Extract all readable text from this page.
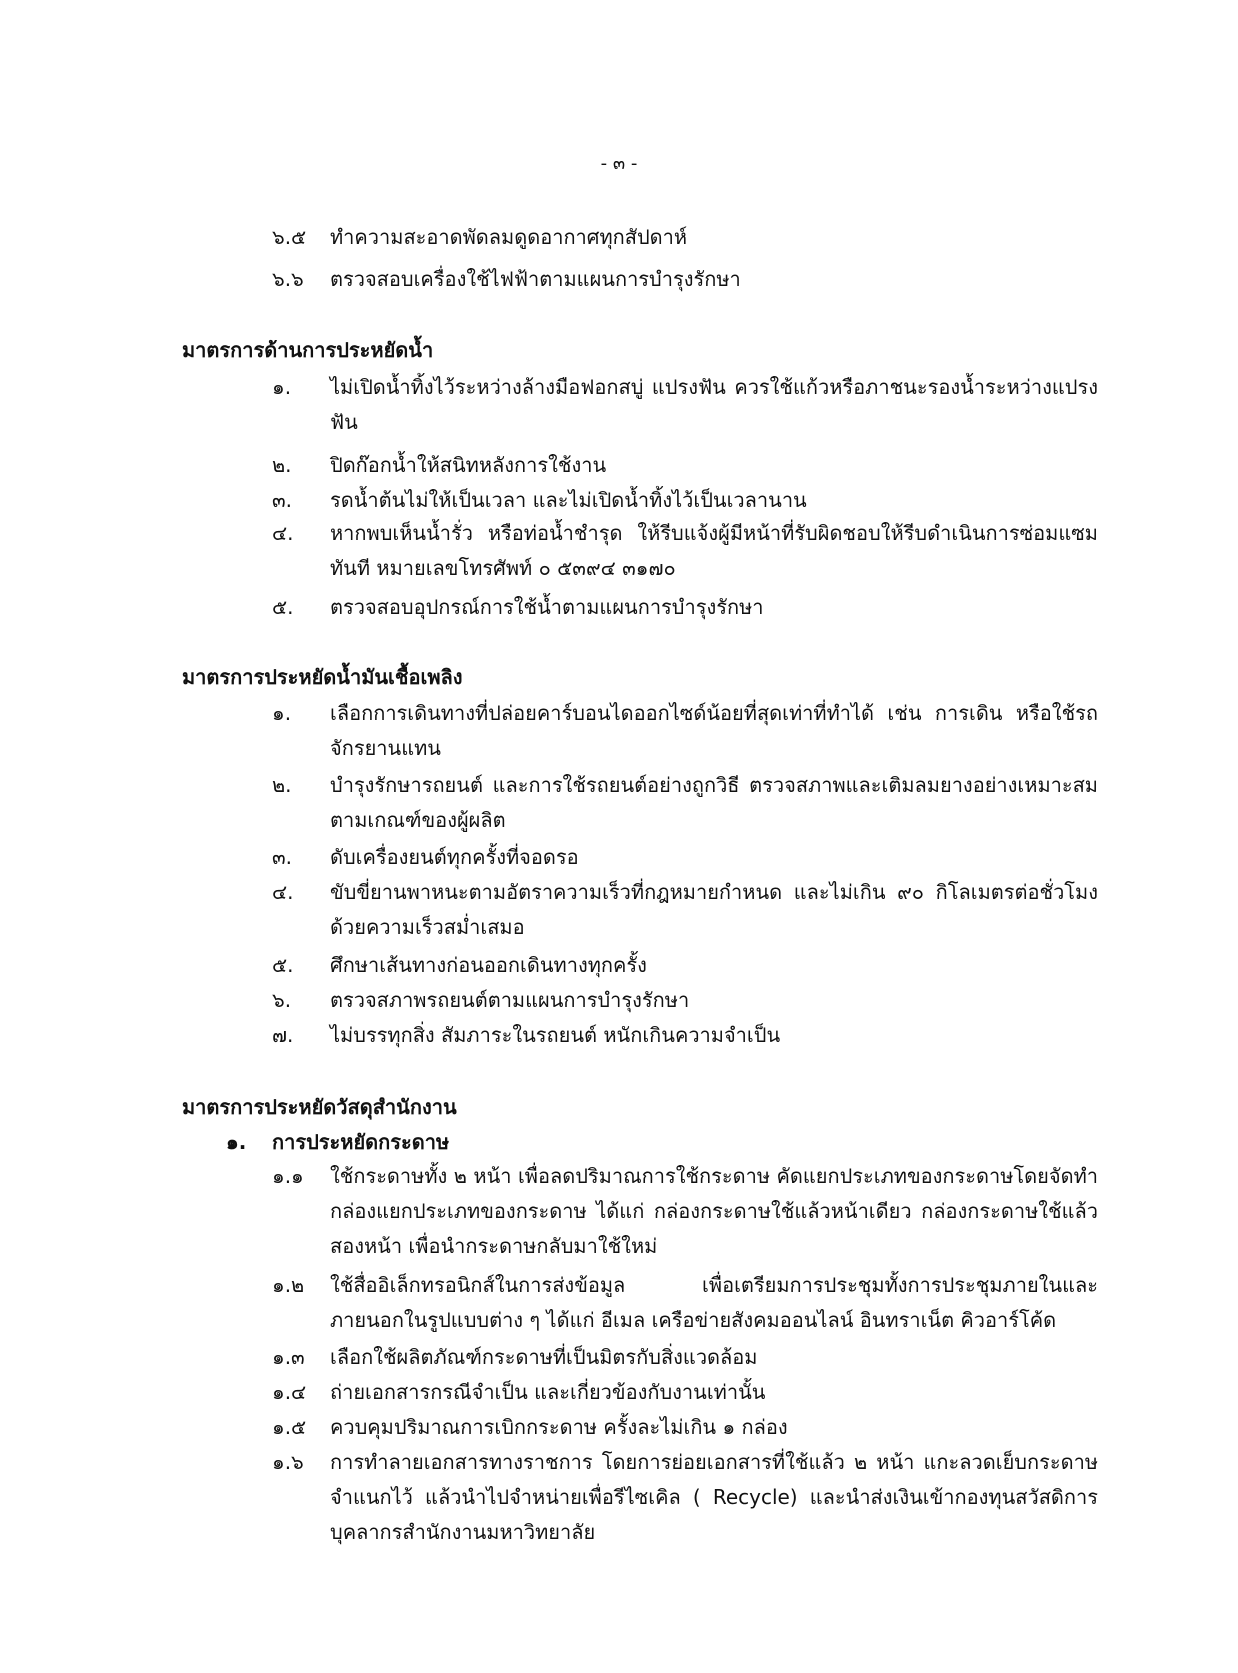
- ๓ -
๖.๕ ทำความสะอาดพัดลมดูดอากาศทุกสัปดาห์
๖.๖ ตรวจสอบเครื่องใช้ไฟฟ้าตามแผนการบำรุงรักษา
มาตรการด้านการประหยัดน้ำ
๑. ไม่เปิดน้ำทิ้งไว้ระหว่างล้างมือฟอกสบู่ แปรงฟัน ควรใช้แก้วหรือภาชนะรองน้ำระหว่างแปรงฟัน
๒. ปิดก๊อกน้ำให้สนิทหลังการใช้งาน
๓. รดน้ำต้นไม่ให้เป็นเวลา และไม่เปิดน้ำทิ้งไว้เป็นเวลานาน
๔. หากพบเห็นน้ำรั่ว หรือท่อน้ำชำรุด ให้รีบแจ้งผู้มีหน้าที่รับผิดชอบให้รีบดำเนินการซ่อมแซมทันที หมายเลขโทรศัพท์ ๐ ๕๓๙๔ ๓๑๗๐
๕. ตรวจสอบอุปกรณ์การใช้น้ำตามแผนการบำรุงรักษา
มาตรการประหยัดน้ำมันเชื้อเพลิง
๑. เลือกการเดินทางที่ปล่อยคาร์บอนไดออกไซด์น้อยที่สุดเท่าที่ทำได้ เช่น การเดิน หรือใช้รถจักรยานแทน
๒. บำรุงรักษารถยนต์ และการใช้รถยนต์อย่างถูกวิธี ตรวจสภาพและเติมลมยางอย่างเหมาะสมตามเกณฑ์ของผู้ผลิต
๓. ดับเครื่องยนต์ทุกครั้งที่จอดรอ
๔. ขับขี่ยานพาหนะตามอัตราความเร็วที่กฎหมายกำหนด และไม่เกิน ๙๐ กิโลเมตรต่อชั่วโมงด้วยความเร็วสม่ำเสมอ
๕. ศึกษาเส้นทางก่อนออกเดินทางทุกครั้ง
๖. ตรวจสภาพรถยนต์ตามแผนการบำรุงรักษา
๗. ไม่บรรทุกสิ่ง สัมภาระในรถยนต์ หนักเกินความจำเป็น
มาตรการประหยัดวัสดุสำนักงาน
๑. การประหยัดกระดาษ
๑.๑ ใช้กระดาษทั้ง ๒ หน้า เพื่อลดปริมาณการใช้กระดาษ คัดแยกประเภทของกระดาษโดยจัดทำกล่องแยกประเภทของกระดาษ ได้แก่ กล่องกระดาษใช้แล้วหน้าเดียว กล่องกระดาษใช้แล้วสองหน้า เพื่อนำกระดาษกลับมาใช้ใหม่
๑.๒ ใช้สื่ออิเล็กทรอนิกส์ในการส่งข้อมูล เพื่อเตรียมการประชุมทั้งการประชุมภายในและภายนอกในรูปแบบต่าง ๆ ได้แก่ อีเมล เครือข่ายสังคมออนไลน์ อินทราเน็ต คิวอาร์โค้ด
๑.๓ เลือกใช้ผลิตภัณฑ์กระดาษที่เป็นมิตรกับสิ่งแวดล้อม
๑.๔ ถ่ายเอกสารกรณีจำเป็น และเกี่ยวข้องกับงานเท่านั้น
๑.๕ ควบคุมปริมาณการเบิกกระดาษ ครั้งละไม่เกิน ๑ กล่อง
๑.๖ การทำลายเอกสารทางราชการ โดยการย่อยเอกสารที่ใช้แล้ว ๒ หน้า แกะลวดเย็บกระดาษจำแนกไว้ แล้วนำไปจำหน่ายเพื่อรีไซเคิล ( Recycle) และนำส่งเงินเข้ากองทุนสวัสดิการบุคลากรสำนักงานมหาวิทยาลัย
